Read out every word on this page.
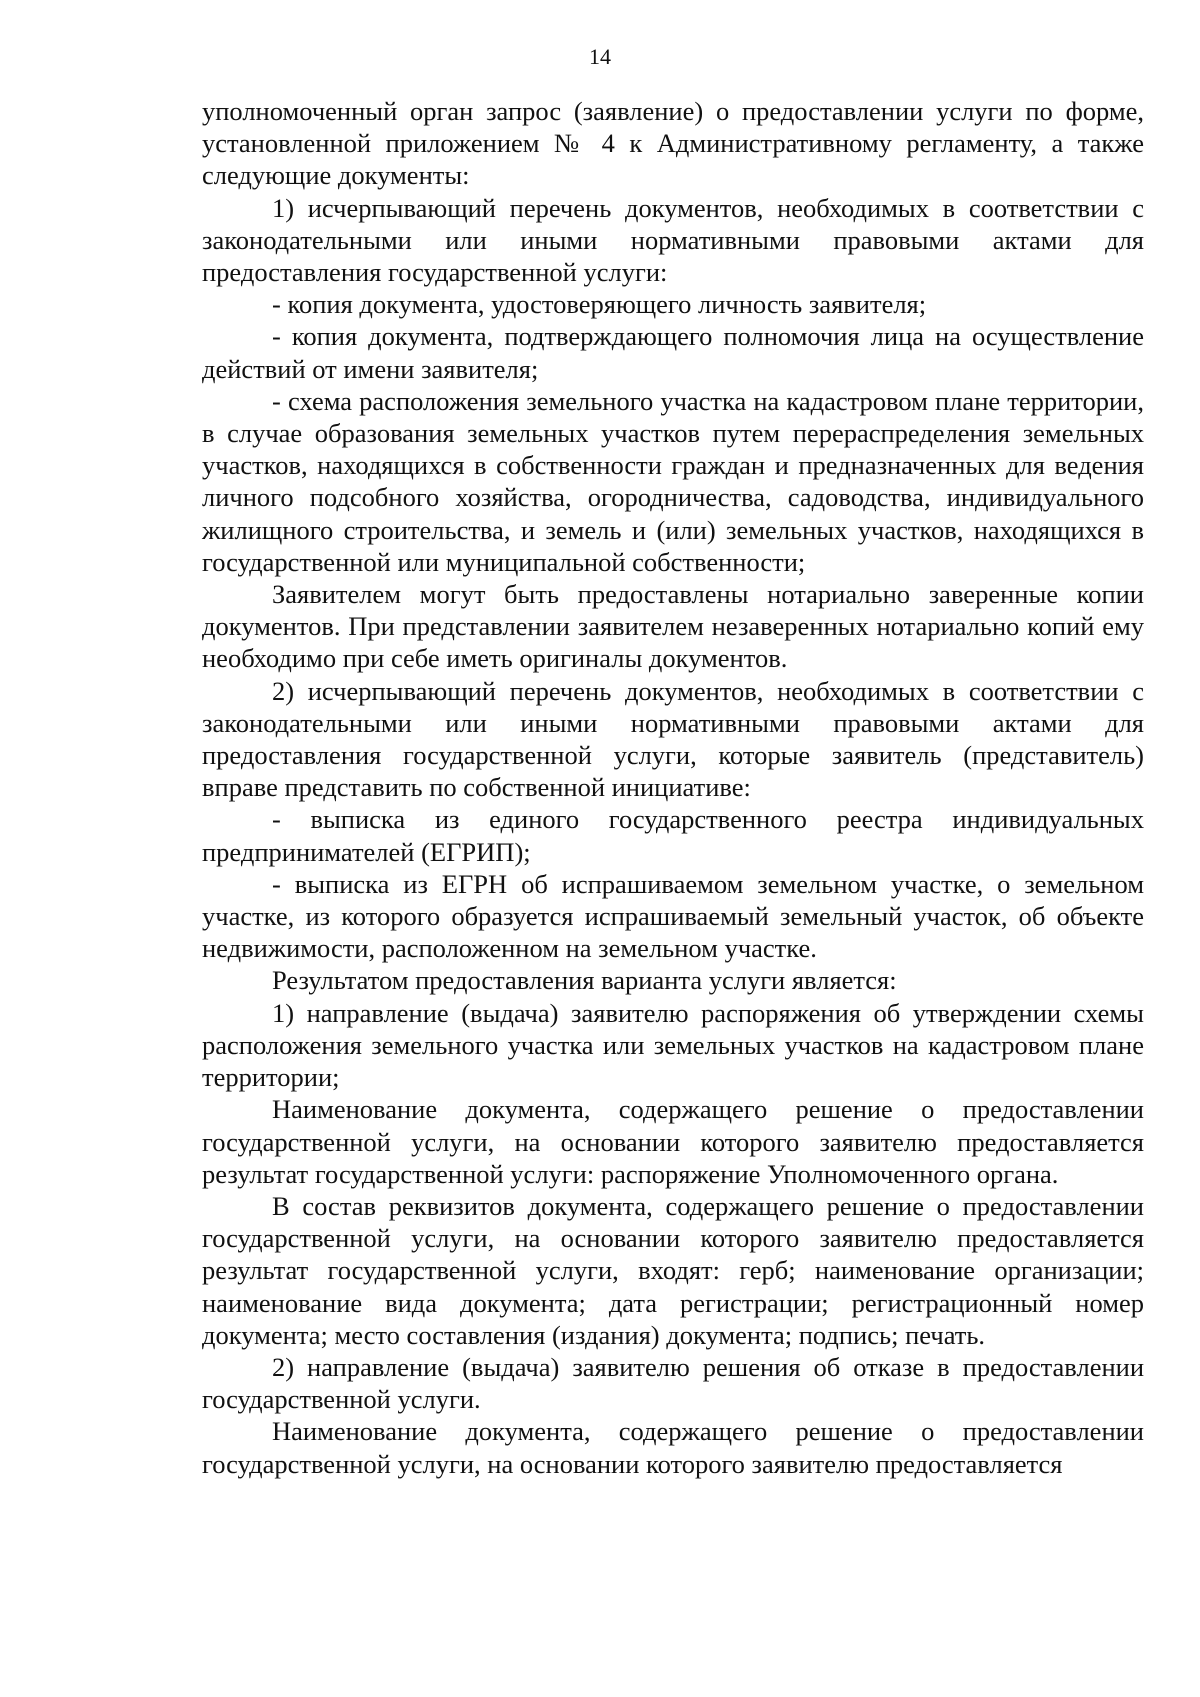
14

уполномоченный орган запрос (заявление) о предоставлении услуги по форме, установленной приложением № 4 к Административному регламенту, а также следующие документы:

1) исчерпывающий перечень документов, необходимых в соответствии с законодательными или иными нормативными правовыми актами для предоставления государственной услуги:

- копия документа, удостоверяющего личность заявителя;

- копия документа, подтверждающего полномочия лица на осуществление действий от имени заявителя;

- схема расположения земельного участка на кадастровом плане территории, в случае образования земельных участков путем перераспределения земельных участков, находящихся в собственности граждан и предназначенных для ведения личного подсобного хозяйства, огородничества, садоводства, индивидуального жилищного строительства, и земель и (или) земельных участков, находящихся в государственной или муниципальной собственности;

Заявителем могут быть предоставлены нотариально заверенные копии документов. При представлении заявителем незаверенных нотариально копий ему необходимо при себе иметь оригиналы документов.

2) исчерпывающий перечень документов, необходимых в соответствии с законодательными или иными нормативными правовыми актами для предоставления государственной услуги, которые заявитель (представитель) вправе представить по собственной инициативе:

- выписка из единого государственного реестра индивидуальных предпринимателей (ЕГРИП);

- выписка из ЕГРН об испрашиваемом земельном участке, о земельном участке, из которого образуется испрашиваемый земельный участок, об объекте недвижимости, расположенном на земельном участке.

Результатом предоставления варианта услуги является:

1) направление (выдача) заявителю распоряжения об утверждении схемы расположения земельного участка или земельных участков на кадастровом плане территории;

Наименование документа, содержащего решение о предоставлении государственной услуги, на основании которого заявителю предоставляется результат государственной услуги: распоряжение Уполномоченного органа.

В состав реквизитов документа, содержащего решение о предоставлении государственной услуги, на основании которого заявителю предоставляется результат государственной услуги, входят: герб; наименование организации; наименование вида документа; дата регистрации; регистрационный номер документа; место составления (издания) документа; подпись; печать.

2) направление (выдача) заявителю решения об отказе в предоставлении государственной услуги.

Наименование документа, содержащего решение о предоставлении государственной услуги, на основании которого заявителю предоставляется
